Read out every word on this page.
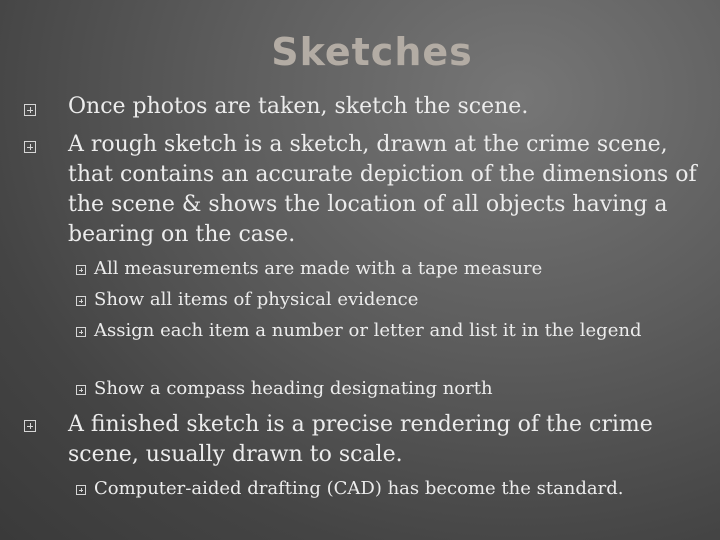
Sketches
Once photos are taken, sketch the scene.
A rough sketch is a sketch, drawn at the crime scene, that contains an accurate depiction of the dimensions of the scene & shows the location of all objects having a bearing on the case.
All measurements are made with a tape measure
Show all items of physical evidence
Assign each item a number or letter and list it in the legend
Show a compass heading designating north
A finished sketch is a precise rendering of the crime scene, usually drawn to scale.
Computer-aided drafting (CAD) has become the standard.
